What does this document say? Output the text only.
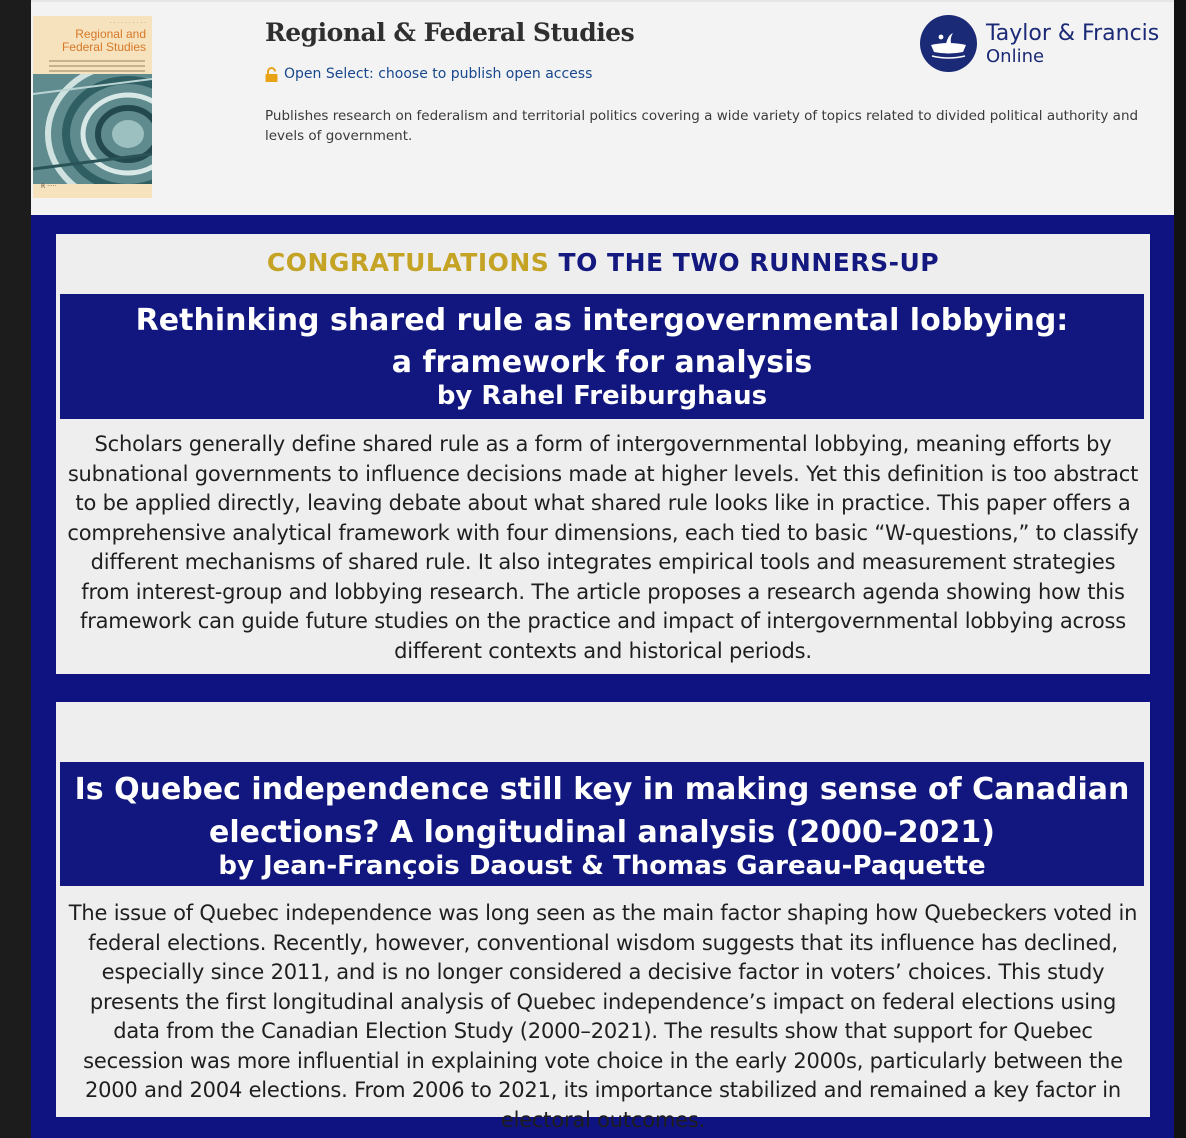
· · · · · · · · · ·
Regional and Federal Studies
R ·····
Regional & Federal Studies
Open Select: choose to publish open access
Publishes research on federalism and territorial politics covering a wide variety of topics related to divided political authority and levels of government.
Taylor & Francis
Online
CONGRATULATIONS TO THE TWO RUNNERS-UP
Rethinking shared rule as intergovernmental lobbying:
a framework for analysis
by Rahel Freiburghaus
Scholars generally define shared rule as a form of intergovernmental lobbying, meaning efforts by subnational governments to influence decisions made at higher levels. Yet this definition is too abstract to be applied directly, leaving debate about what shared rule looks like in practice. This paper offers a comprehensive analytical framework with four dimensions, each tied to basic “W-questions,” to classify different mechanisms of shared rule. It also integrates empirical tools and measurement strategies from interest-group and lobbying research. The article proposes a research agenda showing how this framework can guide future studies on the practice and impact of intergovernmental lobbying across different contexts and historical periods.
Is Quebec independence still key in making sense of Canadian
elections? A longitudinal analysis (2000–2021)
by Jean-François Daoust & Thomas Gareau-Paquette
The issue of Quebec independence was long seen as the main factor shaping how Quebeckers voted in federal elections. Recently, however, conventional wisdom suggests that its influence has declined, especially since 2011, and is no longer considered a decisive factor in voters’ choices. This study presents the first longitudinal analysis of Quebec independence’s impact on federal elections using data from the Canadian Election Study (2000–2021). The results show that support for Quebec secession was more influential in explaining vote choice in the early 2000s, particularly between the 2000 and 2004 elections. From 2006 to 2021, its importance stabilized and remained a key factor in electoral outcomes.
